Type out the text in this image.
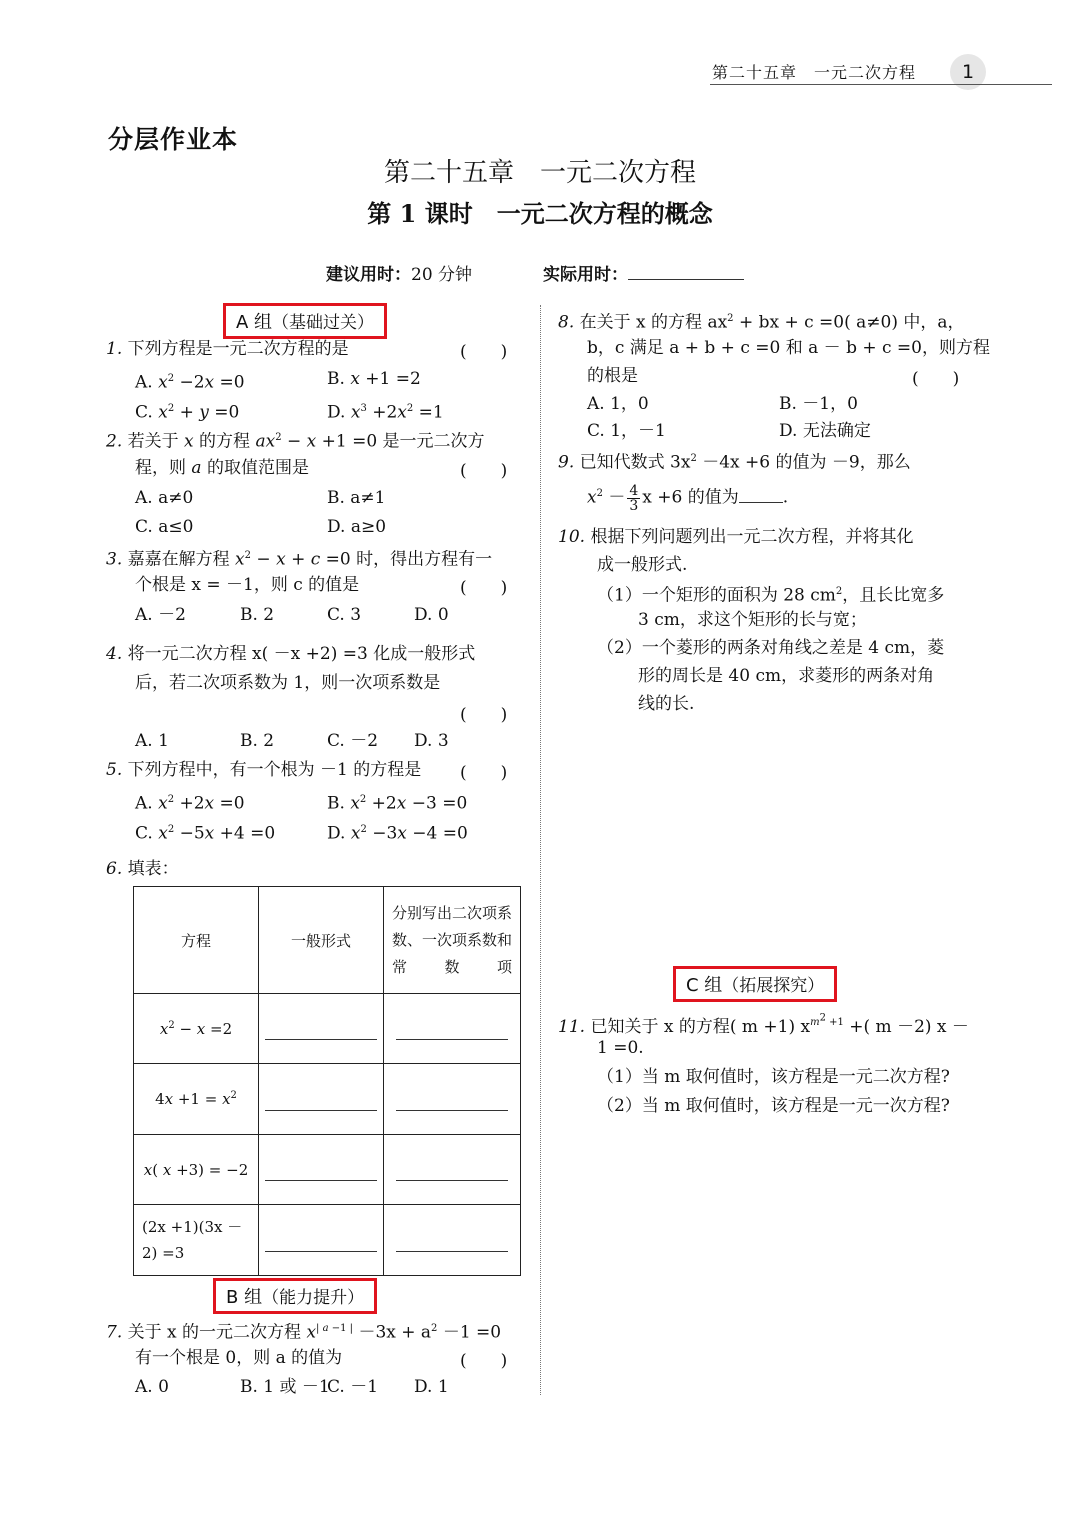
第二十五章　一元二次方程	1
分层作业本
第二十五章　一元二次方程
第 1 课时　一元二次方程的概念
建议用时：20 分钟	实际用时：
A 组（基础过关）
1. 下列方程是一元二次方程的是	(　　)
A. $x^2 -2x =0$	B. x +1 =2
C. $x^2 + y =0$	D. $x^3 +2x^2 =1$
2. 若关于 x 的方程 $ax^2 - x +1 =0$ 是一元二次方
程，则 a 的取值范围是	(　　)
A. a≠0	B. a≠1
C. a≤0	D. a≥0
3. 嘉嘉在解方程 $x^2 - x + c =0$ 时，得出方程有一
个根是 x = －1，则 c 的值是	(　　)
A. －2	B. 2	C. 3	D. 0
4. 将一元二次方程 x( －x +2) =3 化成一般形式
后，若二次项系数为 1，则一次项系数是
(　　)
A. 1	B. 2	C. －2 D. 3
5. 下列方程中，有一个根为 －1 的方程是 (　　)
A. $x^2 +2x =0$	B. $x^2 +2x -3 =0$
C. $x^2 -5x +4 =0$	D. $x^2 -3x -4 =0$
6. 填表：
方程	一般形式	分别写出二次项系数、一次项系数和常数项
$x^2 - x =2$	

$4x +1 = x^2$	

x( x +3) = −2	

(2x +1)(3x －
2) =3	

B 组（能力提升）
7. 关于 x 的一元二次方程 $x^{| a -1 |} -3x + a^2 -1 =0$
有一个根是 0，则 a 的值为	(　　)
A. 0	B. 1 或 －1
C. －1 D. 1
8. 在关于 x 的方程 $ax^2$ + bx + c =0( a≠0) 中，a，
b，c 满足 a + b + c =0 和 a － b + c =0，则方程
的根是	(　　)
A. 1，0	B. －1，0
C. 1，－1	D. 无法确定
9. 已知代数式 $3x^2 -4x +6$ 的值为 －9，那么
$x^2 - \frac{4}{3}$ x +6 的值为	.
10. 根据下列问题列出一元二次方程，并将其化
成一般形式.
（1）一个矩形的面积为 28 $cm^2$，且长比宽多
3 cm，求这个矩形的长与宽；
（2）一个菱形的两条对角线之差是 4 cm，菱
形的周长是 40 cm，求菱形的两条对角
线的长.
C 组（拓展探究）
11. 已知关于 x 的方程( m +1) $x^{m^2 +1}$ +( m －2) x －
1 =0.
（1）当 m 取何值时，该方程是一元二次方程?
（2）当 m 取何值时，该方程是一元一次方程?
